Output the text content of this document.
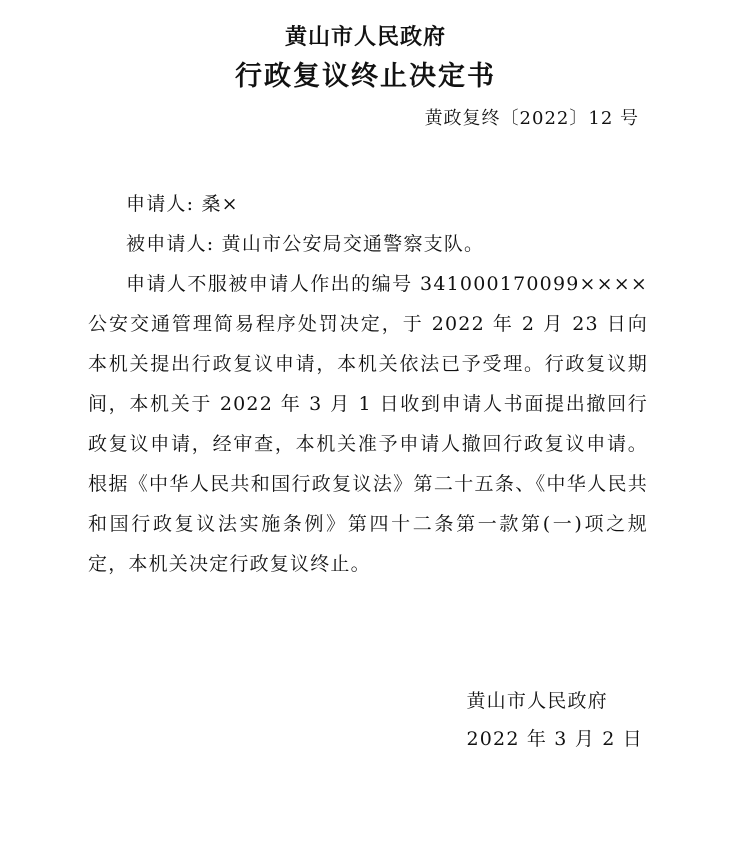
黄山市人民政府
行政复议终止决定书
黄政复终〔2022〕12 号

申请人: 桑×

被申请人: 黄山市公安局交通警察支队。

申请人不服被申请人作出的编号 341000170099××××公安交通管理简易程序处罚决定，于 2022 年 2 月 23 日向本机关提出行政复议申请，本机关依法已予受理。行政复议期间，本机关于 2022 年 3 月 1 日收到申请人书面提出撤回行政复议申请，经审查，本机关准予申请人撤回行政复议申请。根据《中华人民共和国行政复议法》第二十五条、《中华人民共和国行政复议法实施条例》第四十二条第一款第(一)项之规定，本机关决定行政复议终止。

黄山市人民政府
2022 年 3 月 2 日
